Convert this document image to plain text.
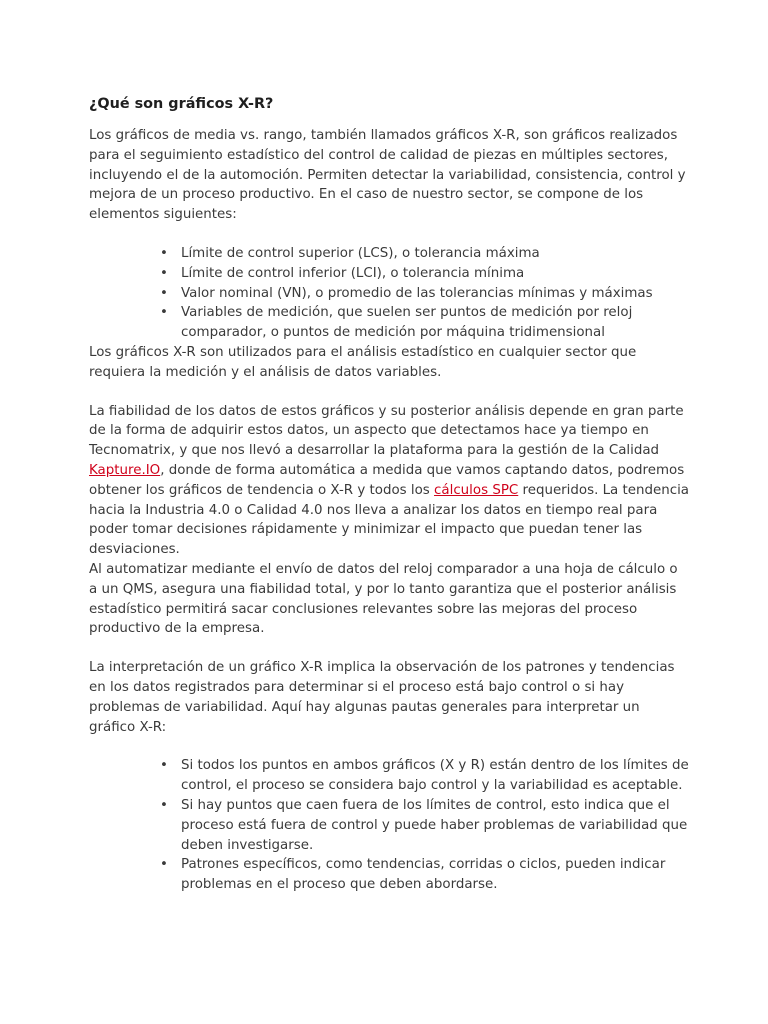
¿Qué son gráficos X-R?

Los gráficos de media vs. rango, también llamados gráficos X-R, son gráficos realizados para el seguimiento estadístico del control de calidad de piezas en múltiples sectores, incluyendo el de la automoción. Permiten detectar la variabilidad, consistencia, control y mejora de un proceso productivo. En el caso de nuestro sector, se compone de los elementos siguientes:

• Límite de control superior (LCS), o tolerancia máxima
• Límite de control inferior (LCI), o tolerancia mínima
• Valor nominal (VN), o promedio de las tolerancias mínimas y máximas
• Variables de medición, que suelen ser puntos de medición por reloj comparador, o puntos de medición por máquina tridimensional

Los gráficos X-R son utilizados para el análisis estadístico en cualquier sector que requiera la medición y el análisis de datos variables.

La fiabilidad de los datos de estos gráficos y su posterior análisis depende en gran parte de la forma de adquirir estos datos, un aspecto que detectamos hace ya tiempo en Tecnomatrix, y que nos llevó a desarrollar la plataforma para la gestión de la Calidad Kapture.IO, donde de forma automática a medida que vamos captando datos, podremos obtener los gráficos de tendencia o X-R y todos los cálculos SPC requeridos. La tendencia hacia la Industria 4.0 o Calidad 4.0 nos lleva a analizar los datos en tiempo real para poder tomar decisiones rápidamente y minimizar el impacto que puedan tener las desviaciones.

Al automatizar mediante el envío de datos del reloj comparador a una hoja de cálculo o a un QMS, asegura una fiabilidad total, y por lo tanto garantiza que el posterior análisis estadístico permitirá sacar conclusiones relevantes sobre las mejoras del proceso productivo de la empresa.

La interpretación de un gráfico X-R implica la observación de los patrones y tendencias en los datos registrados para determinar si el proceso está bajo control o si hay problemas de variabilidad. Aquí hay algunas pautas generales para interpretar un gráfico X-R:

• Si todos los puntos en ambos gráficos (X y R) están dentro de los límites de control, el proceso se considera bajo control y la variabilidad es aceptable.
• Si hay puntos que caen fuera de los límites de control, esto indica que el proceso está fuera de control y puede haber problemas de variabilidad que deben investigarse.
• Patrones específicos, como tendencias, corridas o ciclos, pueden indicar problemas en el proceso que deben abordarse.
